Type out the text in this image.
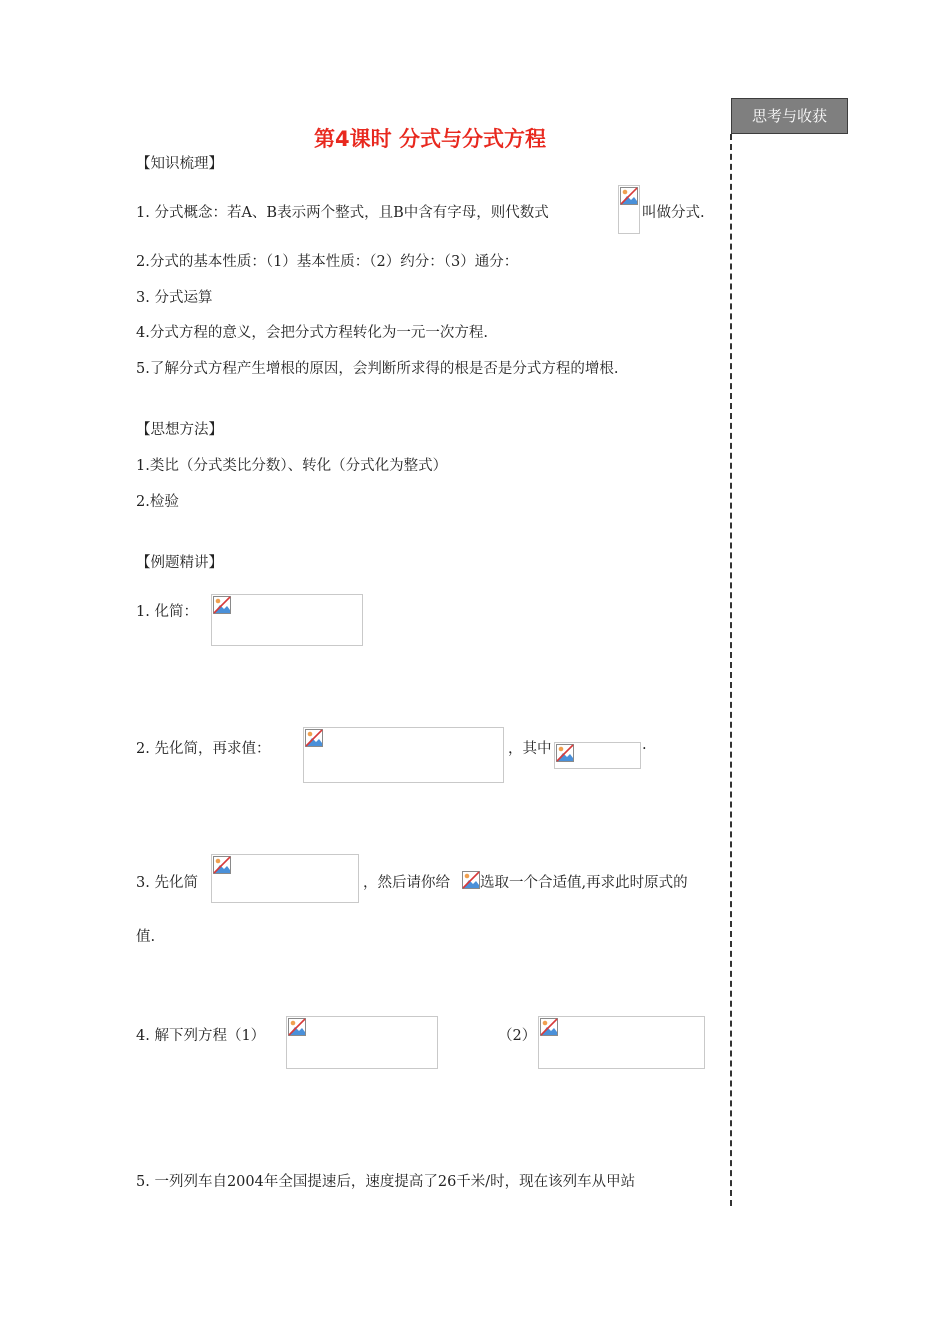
第4课时 分式与分式方程
思考与收获
【知识梳理】
1. 分式概念：若A、B表示两个整式，且B中含有字母，则代数式	叫做分式.
2.分式的基本性质：（1）基本性质：（2）约分：（3）通分：
3. 分式运算
4.分式方程的意义，会把分式方程转化为一元一次方程.
5.了解分式方程产生增根的原因，会判断所求得的根是否是分式方程的增根.
【思想方法】
1.类比（分式类比分数）、转化（分式化为整式）
2.检验
【例题精讲】
1. 化简：
2. 先化简，再求值：	，其中	.
3. 先化简	，然后请你给 选取一个合适值,再求此时原式的
值.
4. 解下列方程（1）	（2）
5. 一列列车自2004年全国提速后，速度提高了26千米/时，现在该列车从甲站
